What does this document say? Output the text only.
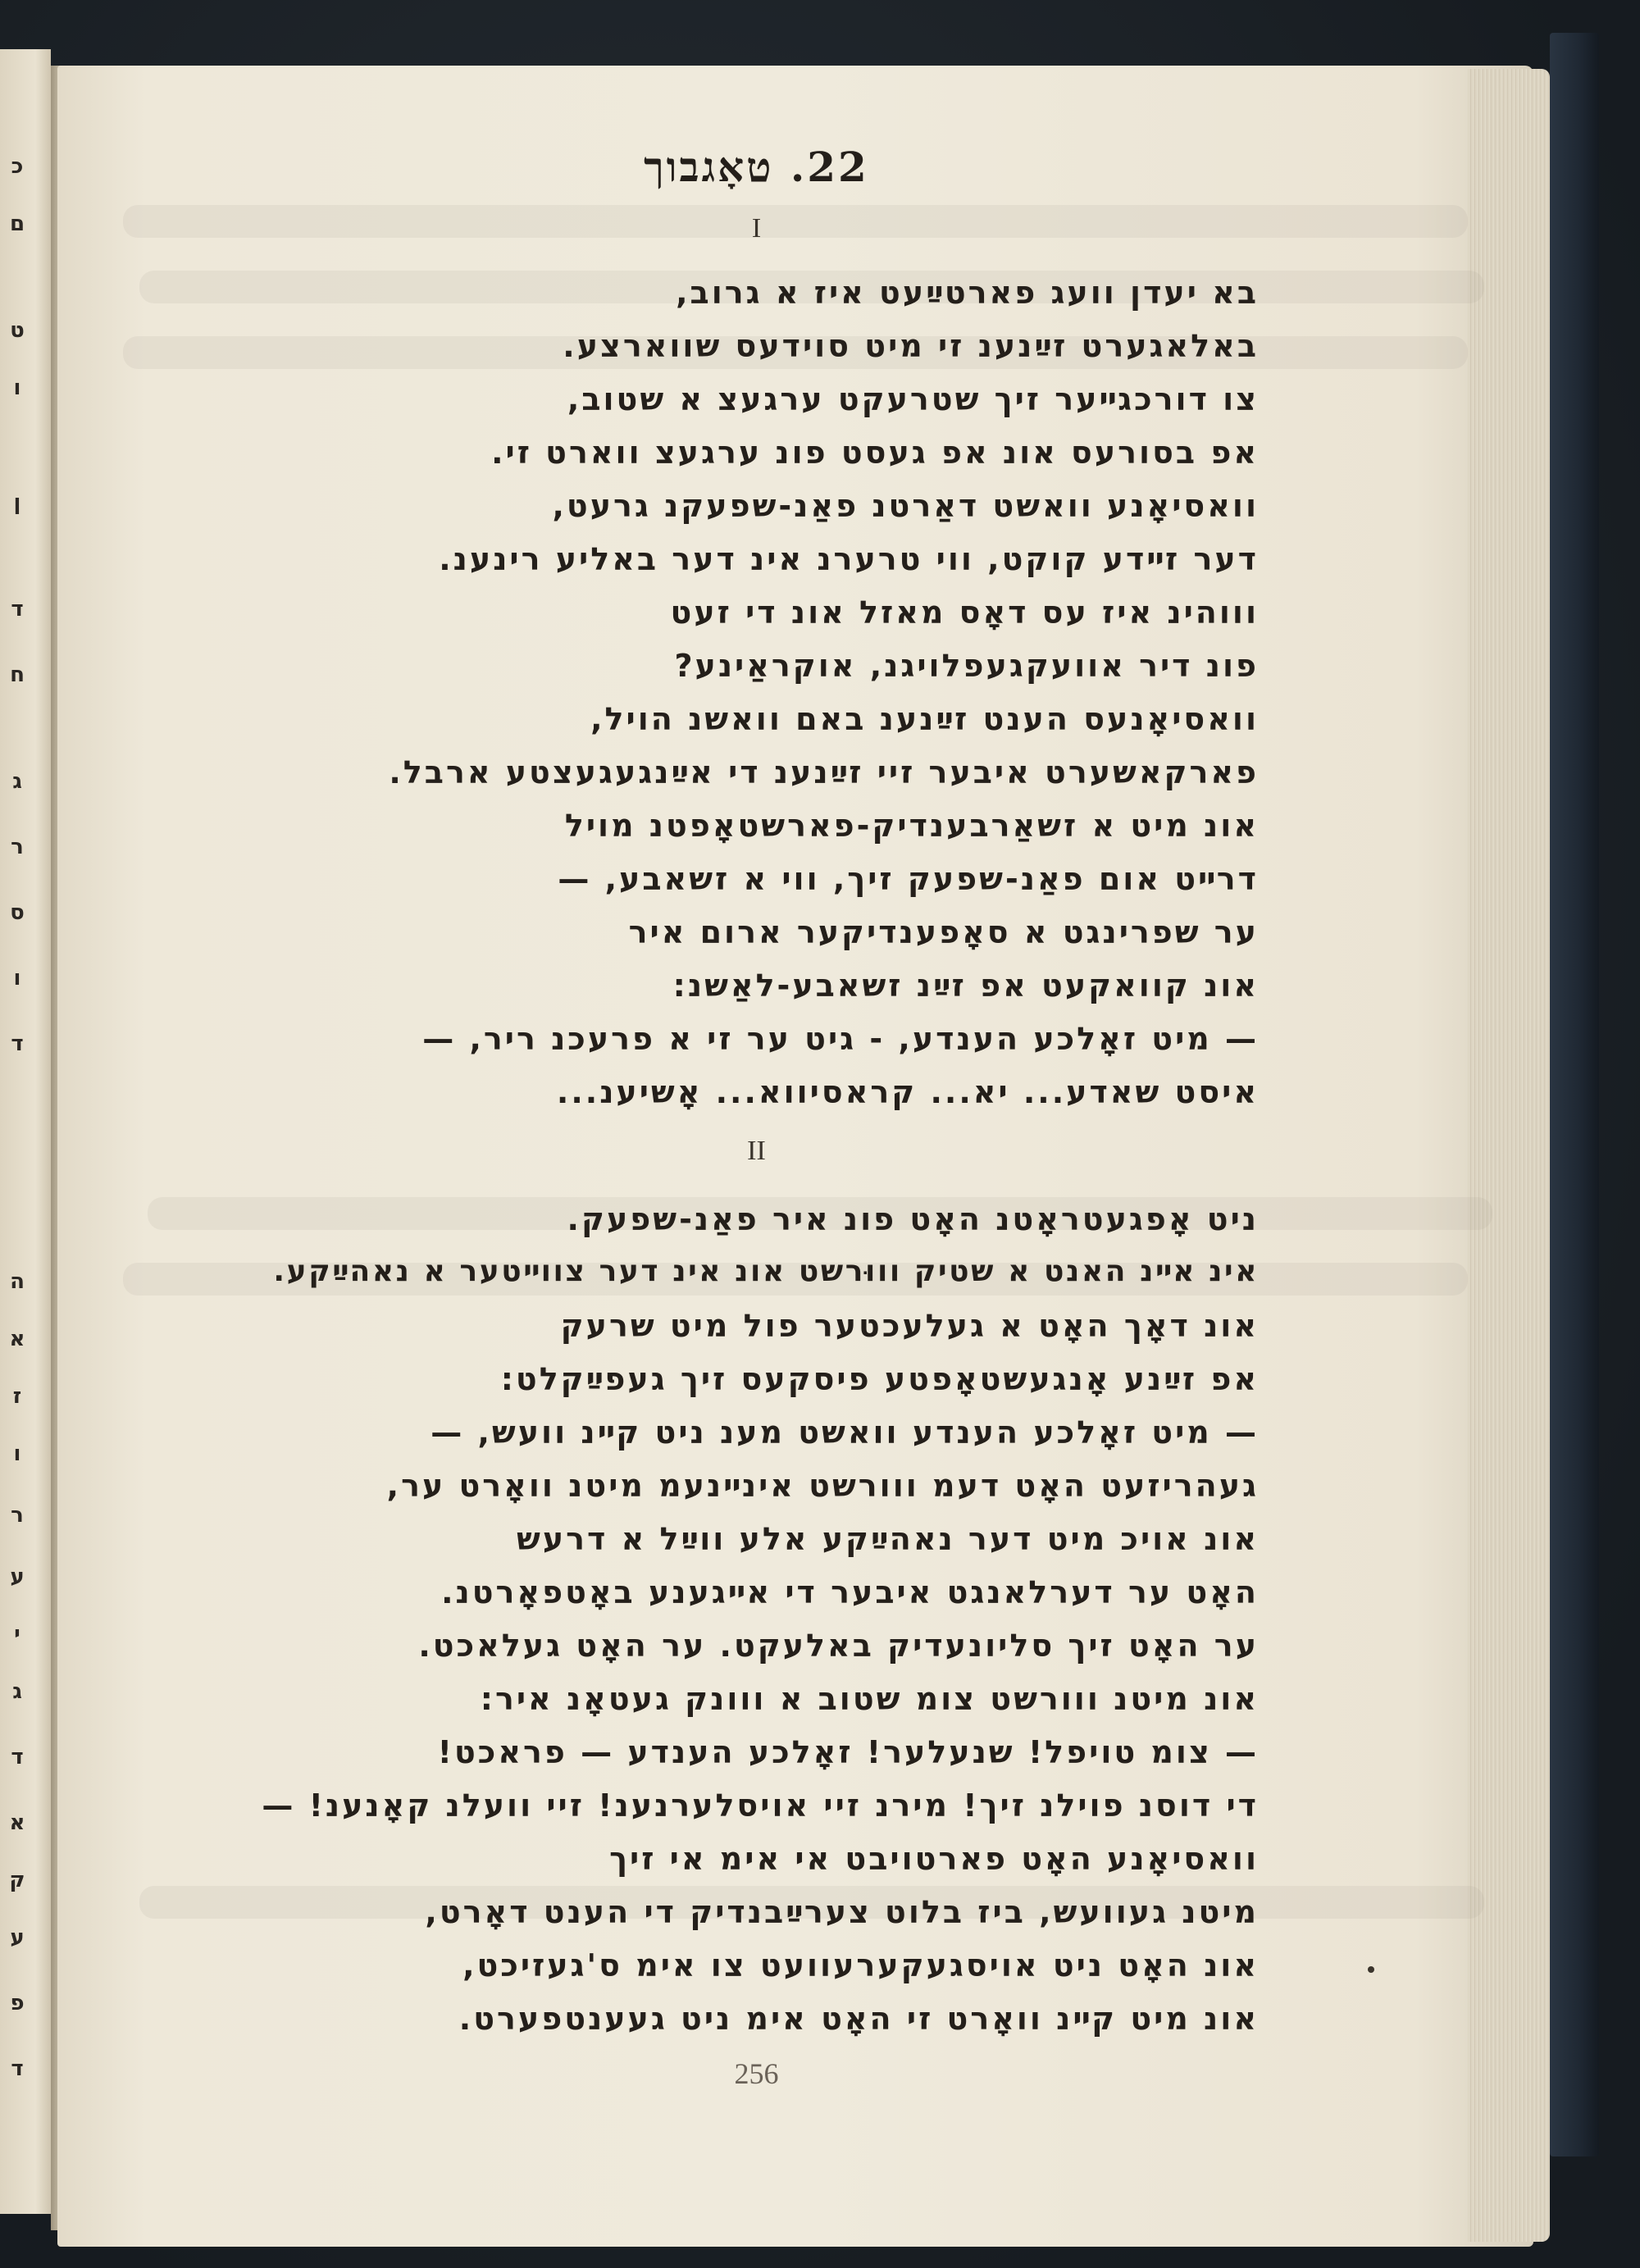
כ
ם
ט
ו
ן
ד
ח
ג
ר
ס
ו
ד
ה
א
ז
ו
ר
ע
י
ג
ד
א
ק
ע
פ
ד
22. טאָגבוך
I
בא יעדן וועג פארטײַעט איז א גרוב,
באלאגערט זײַנענ זי מיט סוידעס שווארצע.
צו דורכגײער זיך שטרעקט ערגעצ א שטוב,
אפ בסורעס אונ אפ געסט פונ ערגעצ ווארט זי.
וואסיאָנע וואשט דאַרטנ פאַנ-שפעקנ גרעט,
דער זײדע קוקט, ווי טרערנ אינ דער באליע רינענ.
וווהינ איז עס דאָס מאזל אונ די זעט
פונ דיר אוועקגעפלויגנ, אוקראַינע?
וואסיאָנעס הענט זײַנענ באם וואשנ הויל,
פארקאשערט איבער זיי זײַנענ די אײַנגעגעצטע ארבל.
אונ מיט א זשאַרבענדיק-פארשטאָפטנ מויל
דרײט אום פאַנ-שפעק זיך, ווי א זשאבע, —
ער שפרינגט א סאָפענדיקער ארום איר
אונ קוואקעט אפ זײַנ זשאבע-לאַשנ:
— מיט זאָלכע הענדע, - גיט ער זי א פרעכנ ריר, —
איסט שאדע... יא... קראסיווא... אָשיענ...
II
ניט אָפגעטראָטנ האָט פונ איר פאַנ-שפעק.
אינ אײנ האנט א שטיק וווּרשט אונ אינ דער צווײטער א נאהײַקע.
אונ דאָך האָט א געלעכטער פול מיט שרעק
אפ זײַנע אָנגעשטאָפטע פיסקעס זיך געפײַקלט:
— מיט זאָלכע הענדע וואשט מענ ניט קײנ וועש, —
געהריזעט האָט דעמ ווורשט אינײנעמ מיטנ וואָרט ער,
אונ אויכ מיט דער נאהײַקע אלע ווײַל א דרעש
האָט ער דערלאנגט איבער די אײגענע באָטפאָרטנ.
ער האָט זיך סליונעדיק באלעקט. ער האָט געלאכט.
אונ מיטנ ווורשט צומ שטוב א ווונק געטאָנ איר:
— צומ טויפל! שנעלער! זאָלכע הענדע — פראכט!
די דוסנ פוילנ זיך! מירנ זיי אויסלערנענ! זיי וועלנ קאָנענ! —
וואסיאָנע האָט פארטויבט אי אימ אי זיך
מיטנ געוועש, ביז בלוט צערײַבנדיק די הענט דאָרט,
אונ האָט ניט אויסגעקערעוועט צו אימ ס'געזיכט,
אונ מיט קײנ וואָרט זי האָט אימ ניט געענטפערט.
256
